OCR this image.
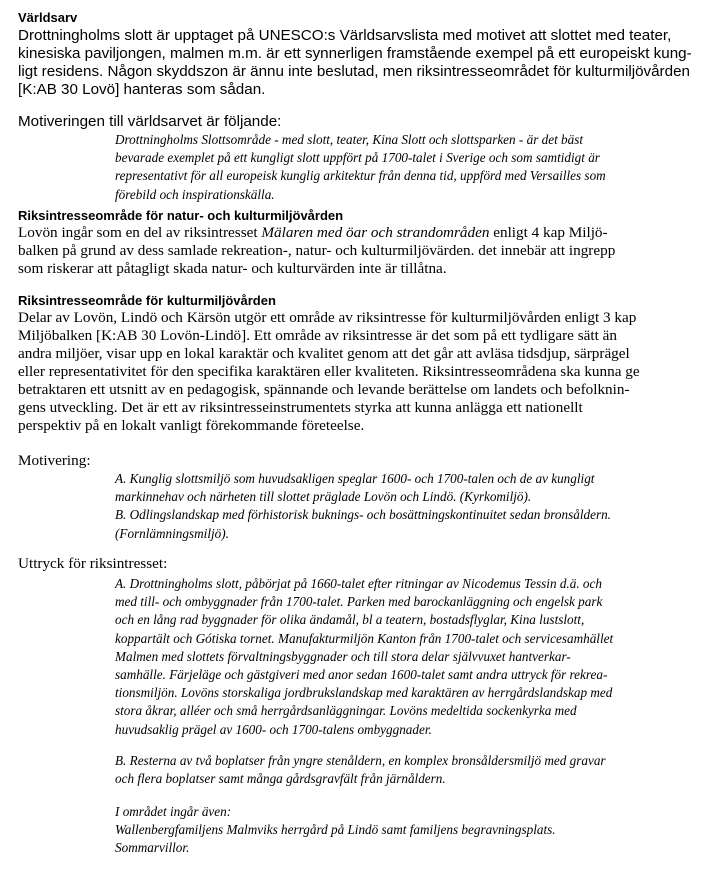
Världsarv
Drottningholms slott är upptaget på UNESCO:s Världsarvslista med motivet att slottet med teater,
kinesiska paviljongen, malmen m.m. är ett synnerligen framstående exempel på ett europeiskt kung-
ligt residens. Någon skyddszon är ännu inte beslutad, men riksintresseområdet för kulturmiljövården
[K:AB 30 Lovö] hanteras som sådan.
Motiveringen till världsarvet är följande:
Drottningholms Slottsområde - med slott, teater, Kina Slott och slottsparken - är det bäst
bevarade exemplet på ett kungligt slott uppfört på 1700-talet i Sverige och som samtidigt är
representativt för all europeisk kunglig arkitektur från denna tid, uppförd med Versailles som
förebild och inspirationskälla.
Riksintresseområde för natur- och kulturmiljövården
Lovön ingår som en del av riksintresset Mälaren med öar och strandområden enligt 4 kap Miljö-
balken på grund av dess samlade rekreation-, natur- och kulturmiljövärden. det innebär att ingrepp
som riskerar att påtagligt skada natur- och kulturvärden inte är tillåtna.
Riksintresseområde för kulturmiljövården
Delar av Lovön, Lindö och Kärsön utgör ett område av riksintresse för kulturmiljövården enligt 3 kap
Miljöbalken [K:AB 30 Lovön-Lindö]. Ett område av riksintresse är det som på ett tydligare sätt än
andra miljöer, visar upp en lokal karaktär och kvalitet genom att det går att avläsa tidsdjup, särprägel
eller representativitet för den specifika karaktären eller kvaliteten. Riksintresseområdena ska kunna ge
betraktaren ett utsnitt av en pedagogisk, spännande och levande berättelse om landets och befolknin-
gens utveckling. Det är ett av riksintresseinstrumentets styrka att kunna anlägga ett nationellt
perspektiv på en lokalt vanligt förekommande företeelse.
Motivering:
A. Kunglig slottsmiljö som huvudsakligen speglar 1600- och 1700-talen och de av kungligt
markinnehav och närheten till slottet präglade Lovön och Lindö. (Kyrkomiljö).
B. Odlingslandskap med förhistorisk buknings- och bosättningskontinuitet sedan bronsåldern.
(Fornlämningsmiljö).
Uttryck för riksintresset:
A. Drottningholms slott, påbörjat på 1660-talet efter ritningar av Nicodemus Tessin d.ä. och
med till- och ombyggnader från 1700-talet. Parken med barockanläggning och engelsk park
och en lång rad byggnader för olika ändamål, bl a teatern, bostadsflyglar, Kina lustslott,
koppartält och Gótiska tornet. Manufakturmiljön Kanton från 1700-talet och servicesamhället
Malmen med slottets förvaltningsbyggnader och till stora delar självvuxet hantverkar-
samhälle. Färjeläge och gästgiveri med anor sedan 1600-talet samt andra uttryck för rekrea-
tionsmiljön. Lovöns storskaliga jordbrukslandskap med karaktären av herrgårdslandskap med
stora åkrar, alléer och små herrgårdsanläggningar. Lovöns medeltida sockenkyrka med
huvudsaklig prägel av 1600- och 1700-talens ombyggnader.
B. Resterna av två boplatser från yngre stenåldern, en komplex bronsåldersmiljö med gravar
och flera boplatser samt många gårdsgravfält från järnåldern.
I området ingår även:
Wallenbergfamiljens Malmviks herrgård på Lindö samt familjens begravningsplats.
Sommarvillor.
